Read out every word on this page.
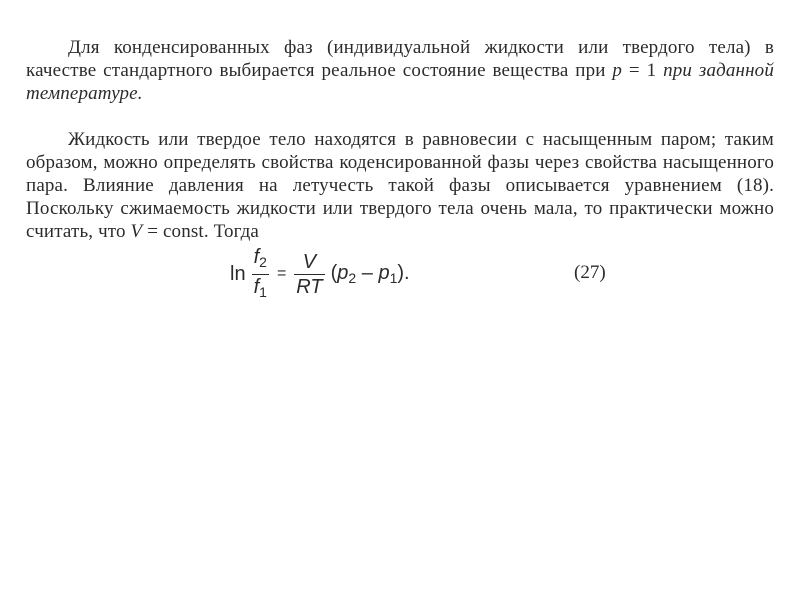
Для конденсированных фаз (индивидуальной жидкости или твердого тела) в качестве стандартного выбирается реальное состояние вещества при p = 1 при заданной температуре.

Жидкость или твердое тело находятся в равновесии с насыщенным паром; таким образом, можно определять свойства коденсированной фазы через свойства насыщенного пара. Влияние давления на летучесть такой фазы описывается уравнением (18). Поскольку сжимаемость жидкости или твердого тела очень мала, то практически можно считать, что V = const. Тогда

$\ln \frac{f_2}{f_1} = \frac{V}{RT} (p_2 - p_1)$.	(27)
